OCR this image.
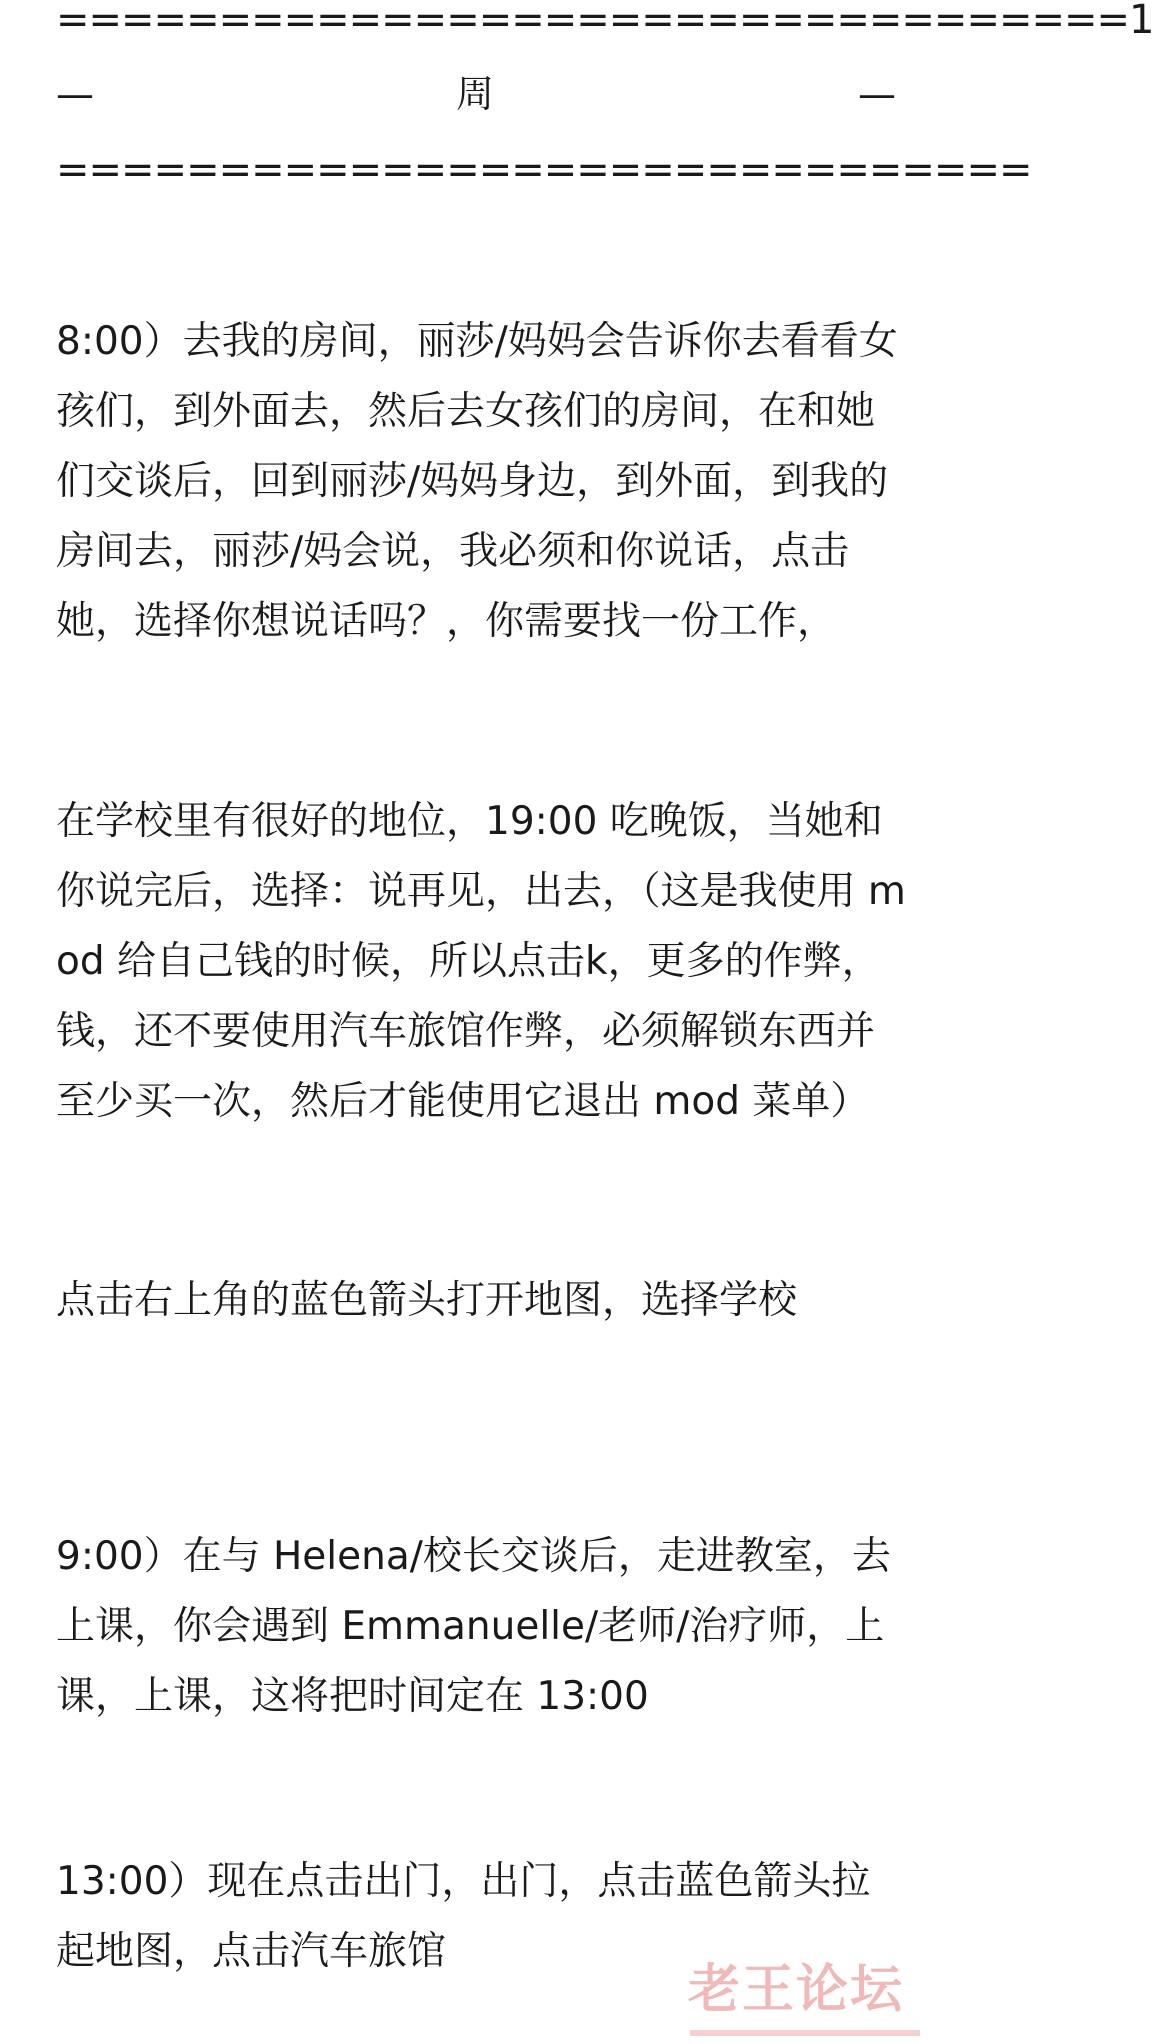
=================================1
—	周	—
==============================

8:00）去我的房间，丽莎/妈妈会告诉你去看看女孩们，到外面去，然后去女孩们的房间，在和她们交谈后，回到丽莎/妈妈身边，到外面，到我的房间去，丽莎/妈会说，我必须和你说话，点击她，选择你想说话吗？，你需要找一份工作，

在学校里有很好的地位，19:00 吃晚饭，当她和你说完后，选择：说再见，出去，（这是我使用 mod 给自己钱的时候，所以点击k，更多的作弊，钱，还不要使用汽车旅馆作弊，必须解锁东西并至少买一次，然后才能使用它退出 mod 菜单）

点击右上角的蓝色箭头打开地图，选择学校

9:00）在与 Helena/校长交谈后，走进教室，去上课，你会遇到 Emmanuelle/老师/治疗师，上课，上课，这将把时间定在 13:00

13:00）现在点击出门，出门，点击蓝色箭头拉起地图，点击汽车旅馆

老王论坛
